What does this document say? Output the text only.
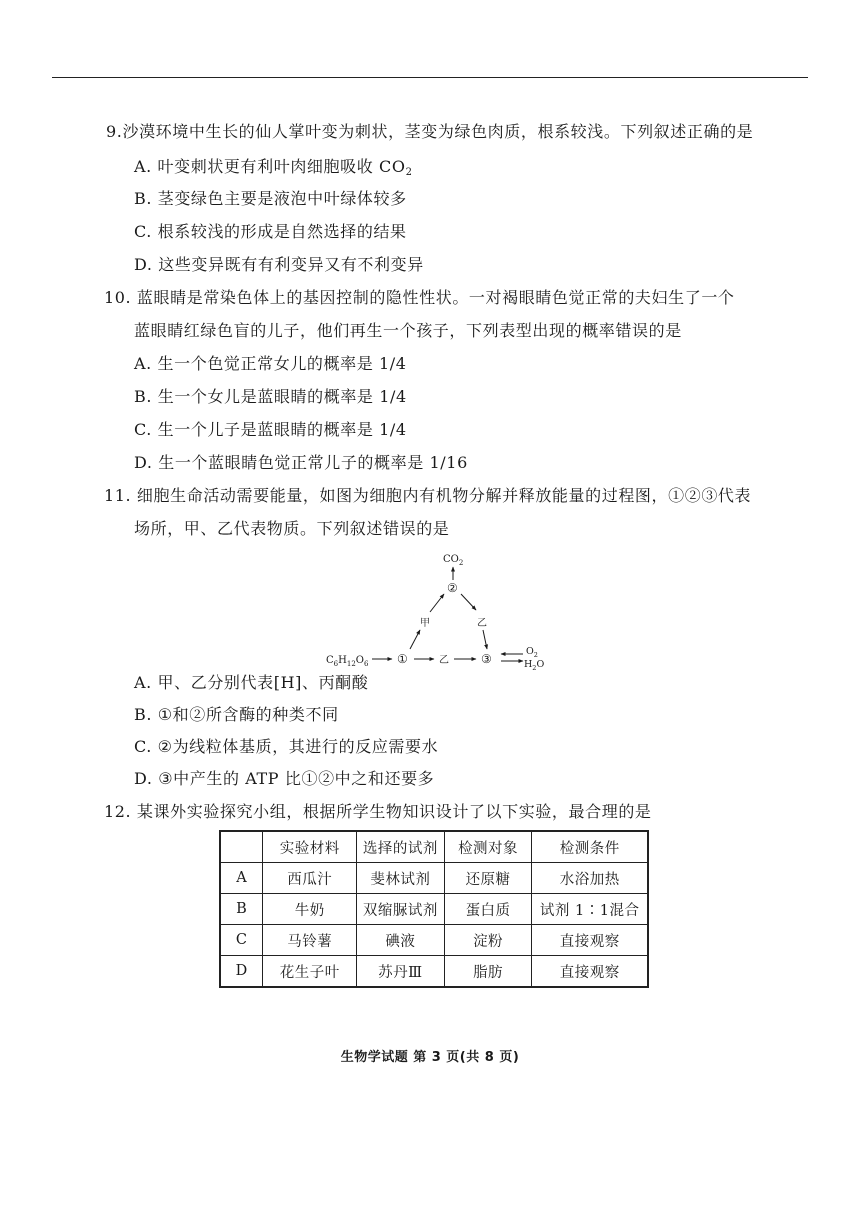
9.沙漠环境中生长的仙人掌叶变为刺状，茎变为绿色肉质，根系较浅。下列叙述正确的是
A. 叶变刺状更有利叶肉细胞吸收 $CO_2$
B. 茎变绿色主要是液泡中叶绿体较多
C. 根系较浅的形成是自然选择的结果
D. 这些变异既有有利变异又有不利变异
10. 蓝眼睛是常染色体上的基因控制的隐性性状。一对褐眼睛色觉正常的夫妇生了一个
蓝眼睛红绿色盲的儿子，他们再生一个孩子，下列表型出现的概率错误的是
A. 生一个色觉正常女儿的概率是 1/4
B. 生一个女儿是蓝眼睛的概率是 1/4
C. 生一个儿子是蓝眼睛的概率是 1/4
D. 生一个蓝眼睛色觉正常儿子的概率是 1/16
11. 细胞生命活动需要能量，如图为细胞内有机物分解并释放能量的过程图，①②③代表
场所，甲、乙代表物质。下列叙述错误的是
$CO_2$
②
甲	乙
$C_6H_{12}O_6$ ①	乙	③
$O_2$
$H_2O$
A. 甲、乙分别代表[H]、丙酮酸
B. ①和②所含酶的种类不同
C. ②为线粒体基质，其进行的反应需要水
D. ③中产生的 ATP 比①②中之和还要多
12. 某课外实验探究小组，根据所学生物知识设计了以下实验，最合理的是
	实验材料	选择的试剂	检测对象	检测条件
A	西瓜汁	斐林试剂	还原糖	水浴加热
B	牛奶	双缩脲试剂	蛋白质	试剂 1∶1混合
C	马铃薯	碘液	淀粉	直接观察
D	花生子叶	苏丹Ⅲ	脂肪	直接观察
生物学试题 第 3 页(共 8 页)
